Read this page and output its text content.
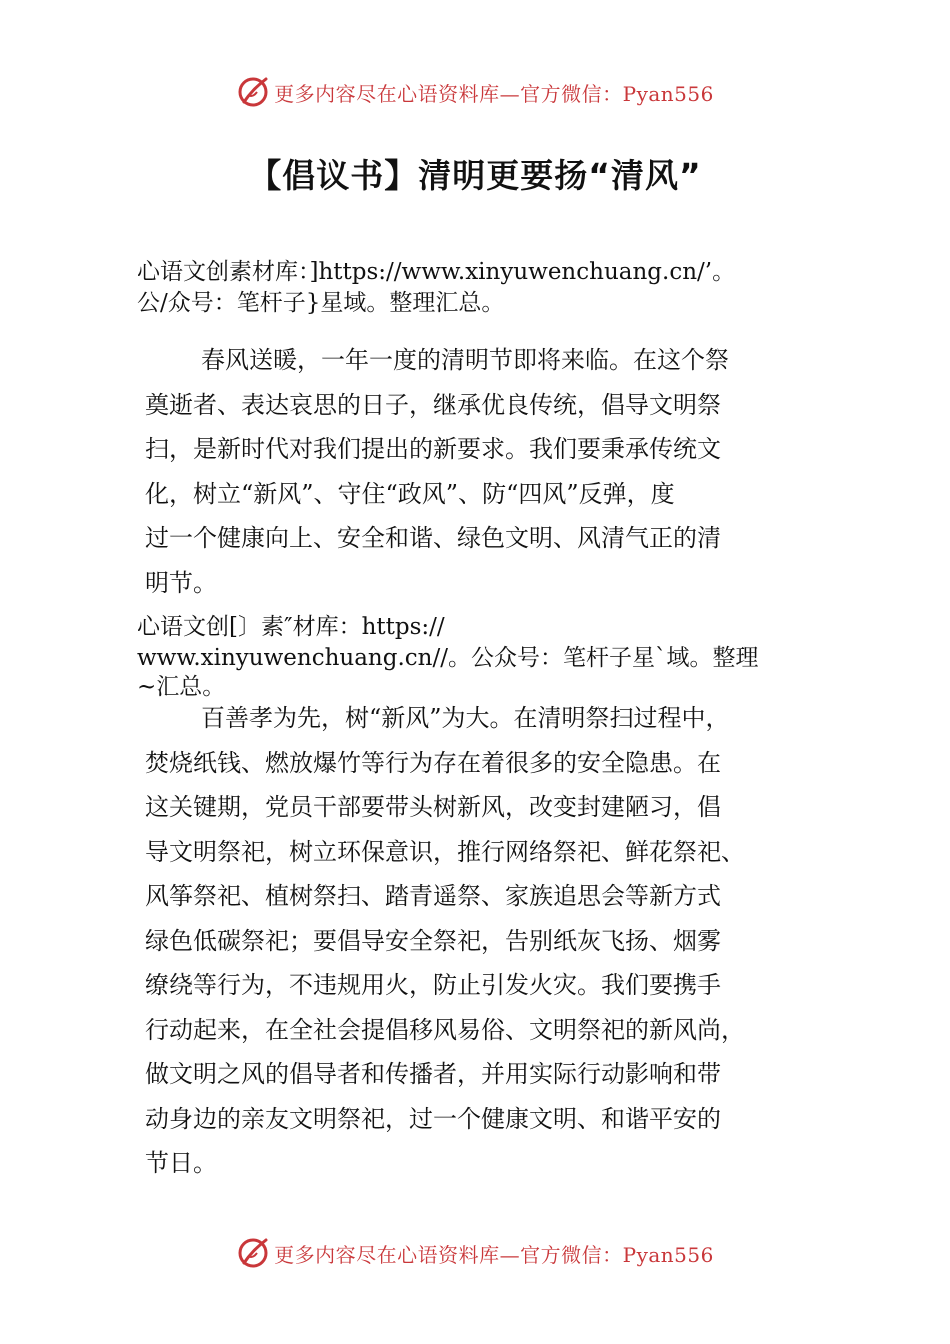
更多内容尽在心语资料库—官方微信：Pyan556
【倡议书】清明更要扬“清风”
心语文创素材库：]https://www.xinyuwenchuang.cn/’。
公/众号：笔杆子}星域。整理汇总。
春风送暖，一年一度的清明节即将来临。在这个祭
奠逝者、表达哀思的日子，继承优良传统，倡导文明祭
扫，是新时代对我们提出的新要求。我们要秉承传统文
化，树立“新风”、守住“政风”、防“四风”反弹，度
过一个健康向上、安全和谐、绿色文明、风清气正的清
明节。
心语文创[〕素″材库：https://
www.xinyuwenchuang.cn//。公众号：笔杆子星`域。整理
~汇总。
百善孝为先，树“新风”为大。在清明祭扫过程中，
焚烧纸钱、燃放爆竹等行为存在着很多的安全隐患。在
这关键期，党员干部要带头树新风，改变封建陋习，倡
导文明祭祀，树立环保意识，推行网络祭祀、鲜花祭祀、
风筝祭祀、植树祭扫、踏青遥祭、家族追思会等新方式
绿色低碳祭祀；要倡导安全祭祀，告别纸灰飞扬、烟雾
缭绕等行为，不违规用火，防止引发火灾。我们要携手
行动起来，在全社会提倡移风易俗、文明祭祀的新风尚，
做文明之风的倡导者和传播者，并用实际行动影响和带
动身边的亲友文明祭祀，过一个健康文明、和谐平安的
节日。
更多内容尽在心语资料库—官方微信：Pyan556
